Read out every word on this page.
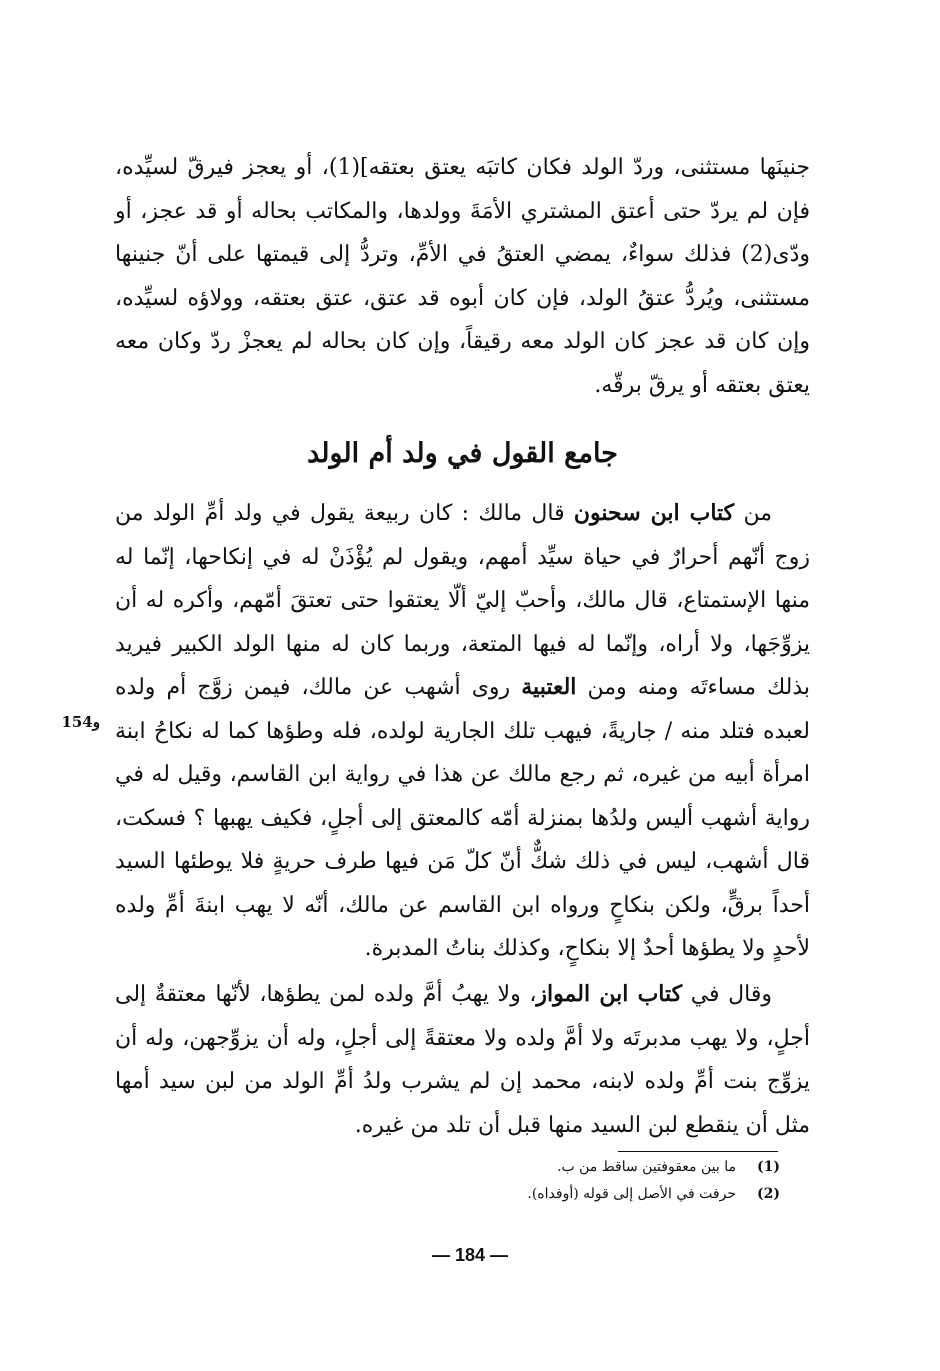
جنينَها مستثنى، وردّ الولد فكان كاتبَه يعتق بعتقه](1)، أو يعجز فيرقّ لسيِّده، فإن لم يردّ حتى أعتق المشتري الأمَةَ وولدها، والمكاتب بحاله أو قد عجز، أو ودّى(2) فذلك سواءٌ، يمضي العتقُ في الأمِّ، وتردُّ إلى قيمتها على أنّ جنينها مستثنى، ويُردُّ عتقُ الولد، فإن كان أبوه قد عتق، عتق بعتقه، وولاؤه لسيِّده، وإن كان قد عجز كان الولد معه رقيقاً، وإن كان بحاله لم يعجزْ ردّ وكان معه يعتق بعتقه أو يرقّ برقّه.

جامع القول في ولد أم الولد

من كتاب ابن سحنون قال مالك : كان ربيعة يقول في ولد أمِّ الولد من زوج أنّهم أحرارٌ في حياة سيِّد أمهم، ويقول لم يُؤْذَنْ له في إنكاحها، إنّما له منها الإستمتاع، قال مالك، وأحبّ إليّ ألّا يعتقوا حتى تعتقَ أمّهم، وأكره له أن يزوِّجَها، ولا أراه، وإنّما له فيها المتعة، وربما كان له منها الولد الكبير فيريد بذلك مساءتَه ومنه ومن العتبية روى أشهب عن مالك، فيمن زوَّج أم ولده لعبده فتلد منه / جاريةً، فيهب تلك الجارية لولده، فله وطؤها كما له نكاحُ ابنة امرأة أبيه من غيره، ثم رجع مالك عن هذا في رواية ابن القاسم، وقيل له في رواية أشهب أليس ولدُها بمنزلة أمّه كالمعتق إلى أجلٍ، فكيف يهبها ؟ فسكت، قال أشهب، ليس في ذلك شكٌّ أنّ كلّ مَن فيها طرف حريةٍ فلا يوطئها السيد أحداً برقٍّ، ولكن بنكاحٍ ورواه ابن القاسم عن مالك، أنّه لا يهب ابنةَ أمِّ ولده لأحدٍ ولا يطؤها أحدٌ إلا بنكاحٍ، وكذلك بناتُ المدبرة.

154و

وقال في كتاب ابن المواز، ولا يهبُ أمَّ ولده لمن يطؤها، لأنّها معتقةٌ إلى أجلٍ، ولا يهب مدبرتَه ولا أمَّ ولده ولا معتقةً إلى أجلٍ، وله أن يزوِّجهن، وله أن يزوِّج بنت أمِّ ولده لابنه، محمد إن لم يشرب ولدُ أمِّ الولد من لبن سيد أمها مثل أن ينقطع لبن السيد منها قبل أن تلد من غيره.

(1)ما بين معقوفتين ساقط من ب.
(2)حرفت في الأصل إلى قوله (أوفداه).
— 184 —
